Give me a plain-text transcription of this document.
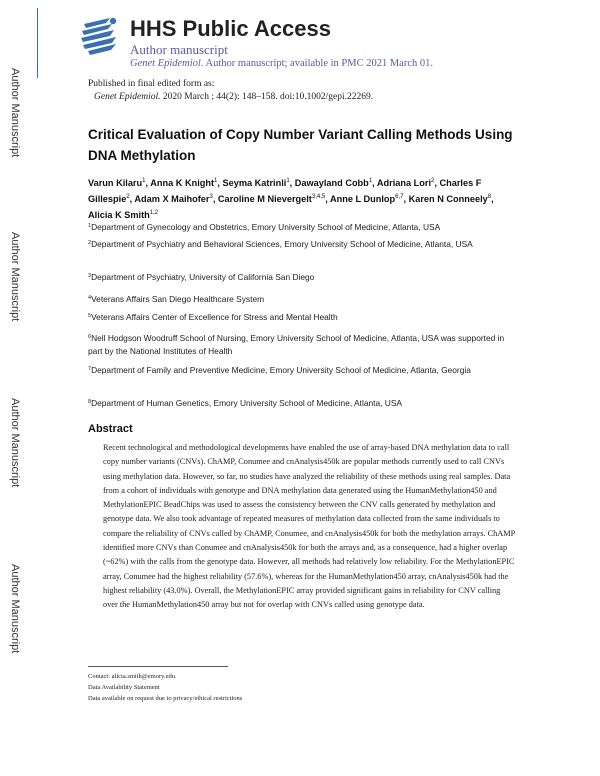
Author Manuscript
Author Manuscript
Author Manuscript
Author Manuscript
HHS Public Access
Author manuscript
Genet Epidemiol. Author manuscript; available in PMC 2021 March 01.
Published in final edited form as:
Genet Epidemiol. 2020 March ; 44(2): 148–158. doi:10.1002/gepi.22269.
Critical Evaluation of Copy Number Variant Calling Methods Using DNA Methylation
Varun Kilaru$^1$, Anna K Knight$^1$, Seyma Katrinli$^1$, Dawayland Cobb$^1$, Adriana Lori$^2$, Charles F Gillespie$^2$, Adam X Maihofer$^3$, Caroline M Nievergelt$^{3,4,5}$, Anne L Dunlop$^{6,7}$, Karen N Conneely$^8$, Alicia K Smith$^{1,2}$
$^1$Department of Gynecology and Obstetrics, Emory University School of Medicine, Atlanta, USA
$^2$Department of Psychiatry and Behavioral Sciences, Emory University School of Medicine, Atlanta, USA
$^3$Department of Psychiatry, University of California San Diego
$^4$Veterans Affairs San Diego Healthcare System
$^5$Veterans Affairs Center of Excellence for Stress and Mental Health
$^6$Nell Hodgson Woodruff School of Nursing, Emory University School of Medicine, Atlanta, USA was supported in part by the National Institutes of Health
$^7$Department of Family and Preventive Medicine, Emory University School of Medicine, Atlanta, Georgia
$^8$Department of Human Genetics, Emory University School of Medicine, Atlanta, USA
Abstract
Recent technological and methodological developments have enabled the use of array-based DNA methylation data to call copy number variants (CNVs). ChAMP, Conumee and cnAnalysis450k are popular methods currently used to call CNVs using methylation data. However, so far, no studies have analyzed the reliability of these methods using real samples. Data from a cohort of individuals with genotype and DNA methylation data generated using the HumanMethylation450 and MethylationEPIC BeadChips was used to assess the consistency between the CNV calls generated by methylation and genotype data. We also took advantage of repeated measures of methylation data collected from the same individuals to compare the reliability of CNVs called by ChAMP, Conumee, and cnAnalysis450k for both the methylation arrays. ChAMP identified more CNVs than Conumee and cnAnalysis450k for both the arrays and, as a consequence, had a higher overlap (~62%) with the calls from the genotype data. However, all methods had relatively low reliability. For the MethylationEPIC array, Conumee had the highest reliability (57.6%), whereas for the HumanMethylation450 array, cnAnalysis450k had the highest reliability (43.0%). Overall, the MethylationEPIC array provided significant gains in reliability for CNV calling over the HumanMethylation450 array but not for overlap with CNVs called using genotype data.
Contact: alicia.smith@emory.edu.
Data Availability Statement
Data available on request due to privacy/ethical restrictions
